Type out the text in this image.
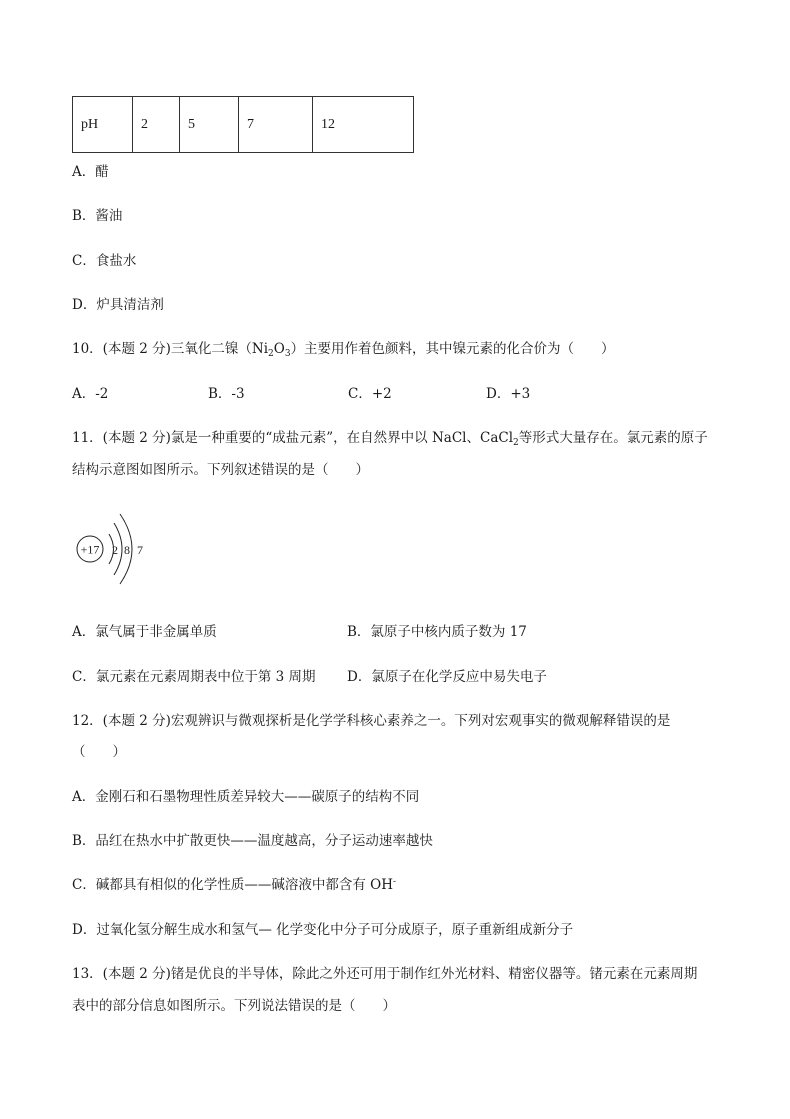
pH	2	5	7	12
A．醋
B．酱油
C．食盐水
D．炉具清洁剂
10．(本题 2 分)三氧化二镍$(Ni_2O_3)$主要用作着色颜料，其中镍元素的化合价为（　　）
A．-2	B．-3	C．+2	D．+3
11．(本题 2 分)氯是一种重要的“成盐元素”，在自然界中以 NaCl、CaCl$_2$等形式大量存在。氯元素的原子
结构示意图如图所示。下列叙述错误的是（　　）
+17 2 8 7
A．氯气属于非金属单质	B．氯原子中核内质子数为 17
C．氯元素在元素周期表中位于第 3 周期 D．氯原子在化学反应中易失电子
12．(本题 2 分)宏观辨识与微观探析是化学学科核心素养之一。下列对宏观事实的微观解释错误的是
（　　）
A．金刚石和石墨物理性质差异较大——碳原子的结构不同
B．品红在热水中扩散更快——温度越高，分子运动速率越快
C．碱都具有相似的化学性质——碱溶液中都含有 OH-
D．过氧化氢分解生成水和氢气— 化学变化中分子可分成原子，原子重新组成新分子
13．(本题 2 分)锗是优良的半导体，除此之外还可用于制作红外光材料、精密仪器等。锗元素在元素周期
表中的部分信息如图所示。下列说法错误的是（　　）
